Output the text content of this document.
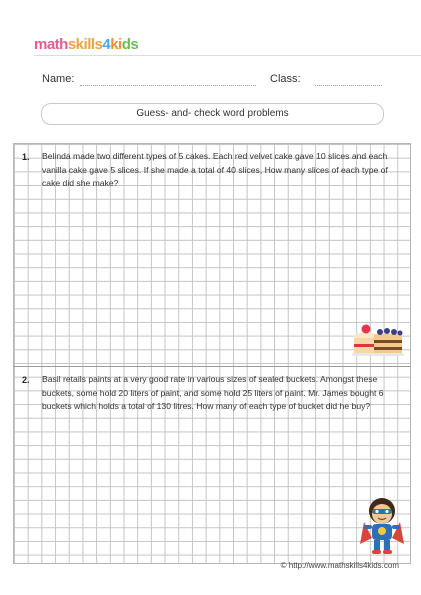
mathskills4kids
Name:	Class:
Guess- and- check word problems
1. Belinda made two different types of 5 cakes. Each red velvet cake gave 10 slices and each vanilla cake gave 5 slices. If she made a total of 40 slices, How many slices of each type of cake did she make?
2. Basil retails paints at a very good rate in various sizes of sealed buckets. Amongst these buckets, some hold 20 liters of paint, and some hold 25 liters of paint. Mr. James bought 6 buckets which holds a total of 130 litres. How many of each type of bucket did he buy?
© http://www.mathskills4kids.com
